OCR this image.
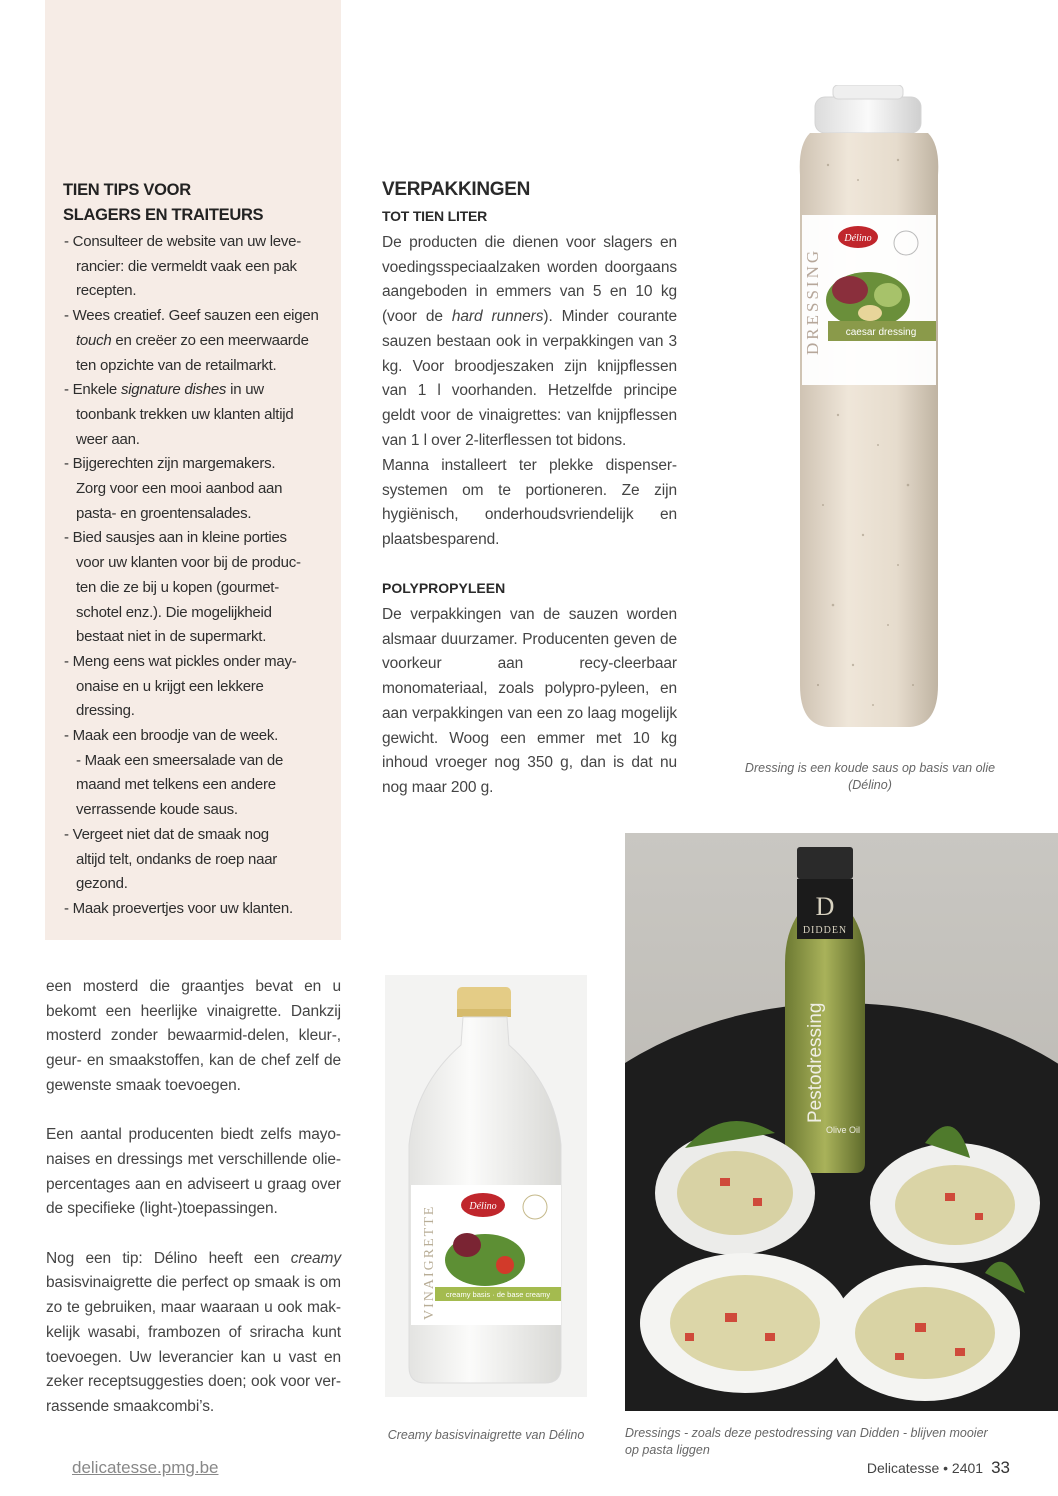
TIEN TIPS VOOR
SLAGERS EN TRAITEURS
- Consulteer de website van uw leve-
rancier: die vermeldt vaak een pak
recepten.
- Wees creatief. Geef sauzen een eigen
touch en creëer zo een meerwaarde
ten opzichte van de retailmarkt.
- Enkele signature dishes in uw
toonbank trekken uw klanten altijd
weer aan.
- Bijgerechten zijn margemakers.
Zorg voor een mooi aanbod aan
pasta- en groentensalades.
- Bied sausjes aan in kleine porties
voor uw klanten voor bij de produc-
ten die ze bij u kopen (gourmet-
schotel enz.). Die mogelijkheid
bestaat niet in de supermarkt.
- Meng eens wat pickles onder may-
onaise en u krijgt een lekkere
dressing.
- Maak een broodje van de week.
- Maak een smeersalade van de
maand met telkens een andere
verrassende koude saus.
- Vergeet niet dat de smaak nog
altijd telt, ondanks de roep naar
gezond.
- Maak proevertjes voor uw klanten.
VERPAKKINGEN
TOT TIEN LITER
De producten die dienen voor slagers en voedingsspeciaalzaken worden doorgaans aangeboden in emmers van 5 en 10 kg (voor de hard runners). Minder courante sauzen bestaan ook in verpakkingen van 3 kg. Voor broodjeszaken zijn knijpflessen van 1 l voorhanden. Hetzelfde principe geldt voor de vinaigrettes: van knijpflessen van 1 l over 2-literflessen tot bidons.
Manna installeert ter plekke dispenser-systemen om te portioneren. Ze zijn hygiënisch, onderhoudsvriendelijk en plaatsbesparend.
POLYPROPYLEEN
De verpakkingen van de sauzen worden alsmaar duurzamer. Producenten geven de voorkeur aan recy-cleerbaar monomateriaal, zoals polypro-pyleen, en aan verpakkingen van een zo laag mogelijk gewicht. Woog een emmer met 10 kg inhoud vroeger nog 350 g, dan is dat nu nog maar 200 g.

een mosterd die graantjes bevat en u bekomt een heerlijke vinaigrette. Dankzij mosterd zonder bewaarmid-delen, kleur-, geur- en smaakstoffen, kan de chef zelf de gewenste smaak toevoegen.

Een aantal producenten biedt zelfs mayo-naises en dressings met verschillende olie-percentages aan en adviseert u graag over de specifieke (light-)toepassingen.

Nog een tip: Délino heeft een creamy basisvinaigrette die perfect op smaak is om zo te gebruiken, maar waaraan u ook mak-kelijk wasabi, frambozen of sriracha kunt toevoegen. Uw leverancier kan u vast en zeker receptsuggesties doen; ook voor ver-rassende smaakcombi’s.

Délino
caesar dressing
DRESSING
Dressing is een koude saus op basis van olie (Délino)
Délino
creamy basis · de base creamy
VINAIGRETTE
Creamy basisvinaigrette van Délino
D
DIDDEN
Pestodressing
Olive Oil
Dressings - zoals deze pestodressing van Didden - blijven mooier op pasta liggen
delicatesse.pmg.be	Delicatesse • 2401 33
